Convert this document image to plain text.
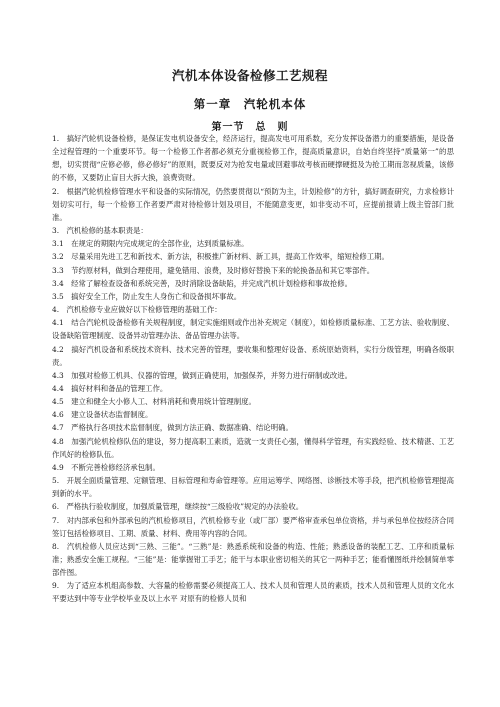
汽机本体设备检修工艺规程
第一章　汽轮机本体
第一节　总　则

1.　搞好汽轮机设备检修，是保证发电机设备安全，经济运行，提高发电可用系数，充分发挥设备潜力的重要措施，是设备全过程管理的一个重要环节。每一个检修工作者都必须充分重视检修工作，提高质量意识，自始自终坚持“质量第一”的思想，切实贯彻“应修必修，修必修好”的原则，既要反对为抢发电量或回避事故考核而硬撑硬挺及为抢工期而忽视质量，该修的不修，又要防止盲目大拆大换，浪费资财。

2.　根据汽轮机检修管理水平和设备的实际情况，仍然要贯彻以“预防为主，计划检修”的方针，搞好调查研究，力求检修计划切实可行，每一个检修工作者要严肃对待检修计划及项目，不能随意变更，如非变动不可，应提前报请上级主管部门批准。

3.　汽机检修的基本职责是：

3.1　在规定的期限内完成规定的全部作业，达到质量标准。

3.2　尽量采用先进工艺和新技术、新方法，积极推广新材料、新工具，提高工作效率，缩短检修工期。

3.3　节约原材料，做到合理使用，避免错用、浪费，及时修好替换下来的轮换备品和其它零部件。

3.4　经常了解检查设备和系统完善，及时消除设备缺陷，并完成汽机计划检修和事故抢修。

3.5　搞好安全工作，防止发生人身伤亡和设备损坏事故。

4.　汽机检修专业应做好以下检修管理的基础工作：

4.1　结合汽轮机设备检修有关规程制度，制定实施细则或作出补充规定（制度），如检修质量标准、工艺方法、验收制度、设备缺陷管理制度、设备异动管理办法、备品管理办法等。

4.2　搞好汽机设备和系统技术资料、技术完善的管理，要收集和整理好设备、系统原始资料，实行分级管理，明确各级职责。

4.3　加强对检修工机具、仪器的管理，做到正确使用，加强保养，并努力进行研制或改进。

4.4　搞好材料和备品的管理工作。

4.5　建立和健全大小修人工、材料消耗和费用统计管理制度。

4.6　建立设备状态监督制度。

4.7　严格执行各项技术监督制度，做到方法正确、数据准确、结论明确。

4.8　加强汽轮机检修队伍的建设，努力提高职工素质，造就一支责任心强，懂得科学管理，有实践经验、技术精湛、工艺作风好的检修队伍。

4.9　不断完善检修经济承包制。

5.　开展全面质量管理、定额管理、目标管理和寿命管理等。应用运筹学、网络图、诊断技术等手段，把汽机检修管理提高到新的水平。

6.　严格执行验收制度，加强质量管理，继续按“三级验收”规定的办法验收。

7.　对内部承包和外部承包的汽机检修项目，汽机检修专业（或厂部）要严格审查承包单位资格，并与承包单位按经济合同签订包括检修项目、工期、质量、材料、费用等内容的合同。

8.　汽机检修人员应达到“三熟、三能”。“三熟”是：熟悉系统和设备的构造、性能；熟悉设备的装配工艺、工序和质量标准；熟悉安全施工规程。“三能”是：能掌握钳工手艺；能干与本职业密切相关的其它一两种手艺；能看懂图纸并绘制简单零部件图。

9.　为了适应本机组高参数、大容量的检修需要必须提高工人、技术人员和管理人员的素质，技术人员和管理人员的文化水平要达到中等专业学校毕业及以上水平 对原有的检修人员和
